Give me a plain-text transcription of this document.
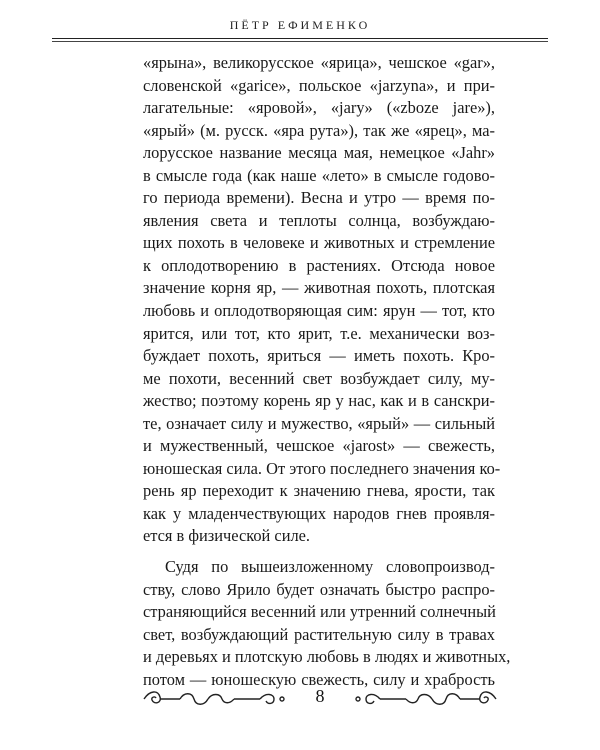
ПЁТР ЕФИМЕНКО
«ярына», великорусское «ярица», чешское «gar»,
словенской «garice», польское «jarzyna», и при-
лагательные: «яровой», «jary» («zboze jare»),
«ярый» (м. русск. «яра рута»), так же «ярец», ма-
лорусское название месяца мая, немецкое «Jahr»
в смысле года (как наше «лето» в смысле годово-
го периода времени). Весна и утро — время по-
явления света и теплоты солнца, возбуждаю-
щих похоть в человеке и животных и стремление
к оплодотворению в растениях. Отсюда новое
значение корня яр, — животная похоть, плотская
любовь и оплодотворяющая сим: ярун — тот, кто
ярится, или тот, кто ярит, т.е. механически воз-
буждает похоть, яриться — иметь похоть. Кро-
ме похоти, весенний свет возбуждает силу, му-
жество; поэтому корень яр у нас, как и в санскри-
те, означает силу и мужество, «ярый» — сильный
и мужественный, чешское «jarost» — свежесть,
юношеская сила. От этого последнего значения ко-
рень яр переходит к значению гнева, ярости, так
как у младенчествующих народов гнев проявля-
ется в физической силе.
Судя по вышеизложенному словопроизвод-
ству, слово Ярило будет означать быстро распро-
страняющийся весенний или утренний солнечный
свет, возбуждающий растительную силу в травах
и деревьях и плотскую любовь в людях и животных,
потом — юношескую свежесть, силу и храбрость
8
